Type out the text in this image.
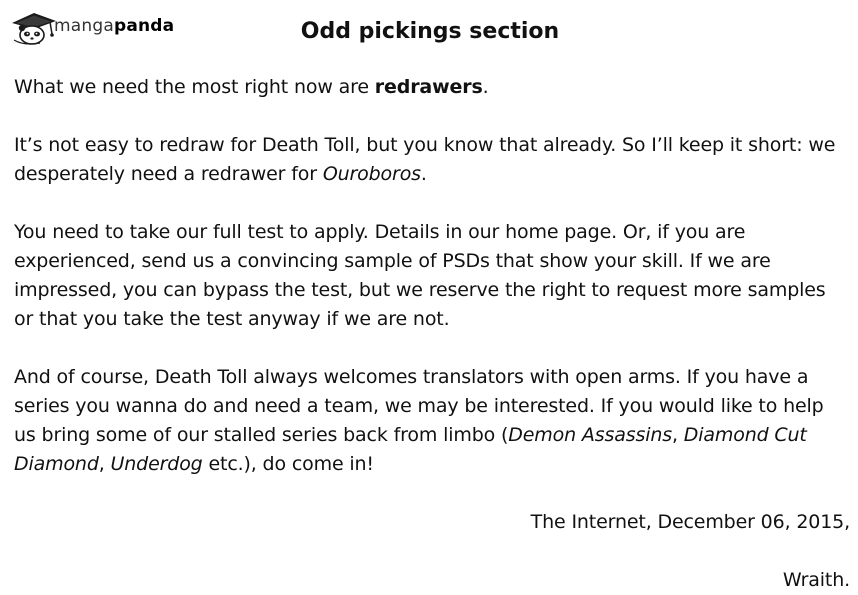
mangapanda	Odd pickings section

What we need the most right now are redrawers.

It’s not easy to redraw for Death Toll, but you know that already. So I’ll keep it short: we desperately need a redrawer for Ouroboros.

You need to take our full test to apply. Details in our home page. Or, if you are experienced, send us a convincing sample of PSDs that show your skill. If we are impressed, you can bypass the test, but we reserve the right to request more samples or that you take the test anyway if we are not.

And of course, Death Toll always welcomes translators with open arms. If you have a series you wanna do and need a team, we may be interested. If you would like to help us bring some of our stalled series back from limbo (Demon Assassins, Diamond Cut Diamond, Underdog etc.), do come in!

The Internet, December 06, 2015,

Wraith.
